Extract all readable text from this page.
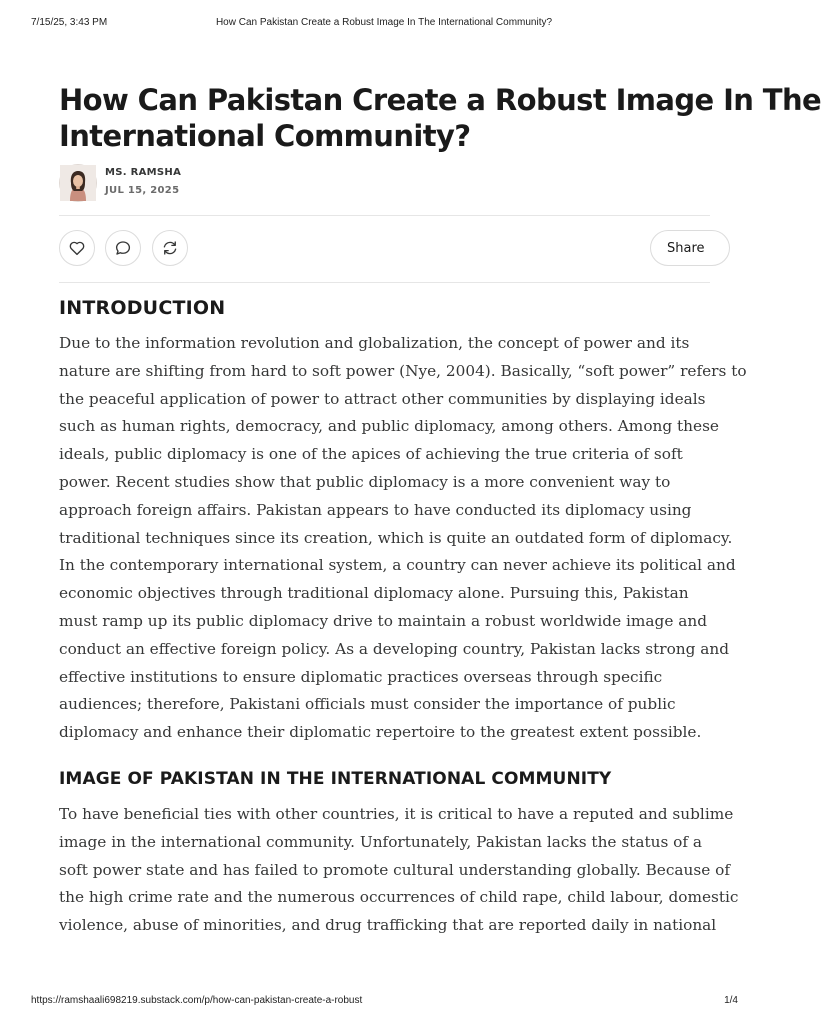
7/15/25, 3:43 PM	How Can Pakistan Create a Robust Image In The International Community?
How Can Pakistan Create a Robust Image In The
International Community?
MS. RAMSHA
JUL 15, 2025
Share
INTRODUCTION
Due to the information revolution and globalization, the concept of power and its
nature are shifting from hard to soft power (Nye, 2004). Basically, “soft power” refers to
the peaceful application of power to attract other communities by displaying ideals
such as human rights, democracy, and public diplomacy, among others. Among these
ideals, public diplomacy is one of the apices of achieving the true criteria of soft
power. Recent studies show that public diplomacy is a more convenient way to
approach foreign affairs. Pakistan appears to have conducted its diplomacy using
traditional techniques since its creation, which is quite an outdated form of diplomacy.
In the contemporary international system, a country can never achieve its political and
economic objectives through traditional diplomacy alone. Pursuing this, Pakistan
must ramp up its public diplomacy drive to maintain a robust worldwide image and
conduct an effective foreign policy. As a developing country, Pakistan lacks strong and
effective institutions to ensure diplomatic practices overseas through specific
audiences; therefore, Pakistani officials must consider the importance of public
diplomacy and enhance their diplomatic repertoire to the greatest extent possible.
IMAGE OF PAKISTAN IN THE INTERNATIONAL COMMUNITY
To have beneficial ties with other countries, it is critical to have a reputed and sublime
image in the international community. Unfortunately, Pakistan lacks the status of a
soft power state and has failed to promote cultural understanding globally. Because of
the high crime rate and the numerous occurrences of child rape, child labour, domestic
violence, abuse of minorities, and drug trafficking that are reported daily in national
https://ramshaali698219.substack.com/p/how-can-pakistan-create-a-robust	1/4
